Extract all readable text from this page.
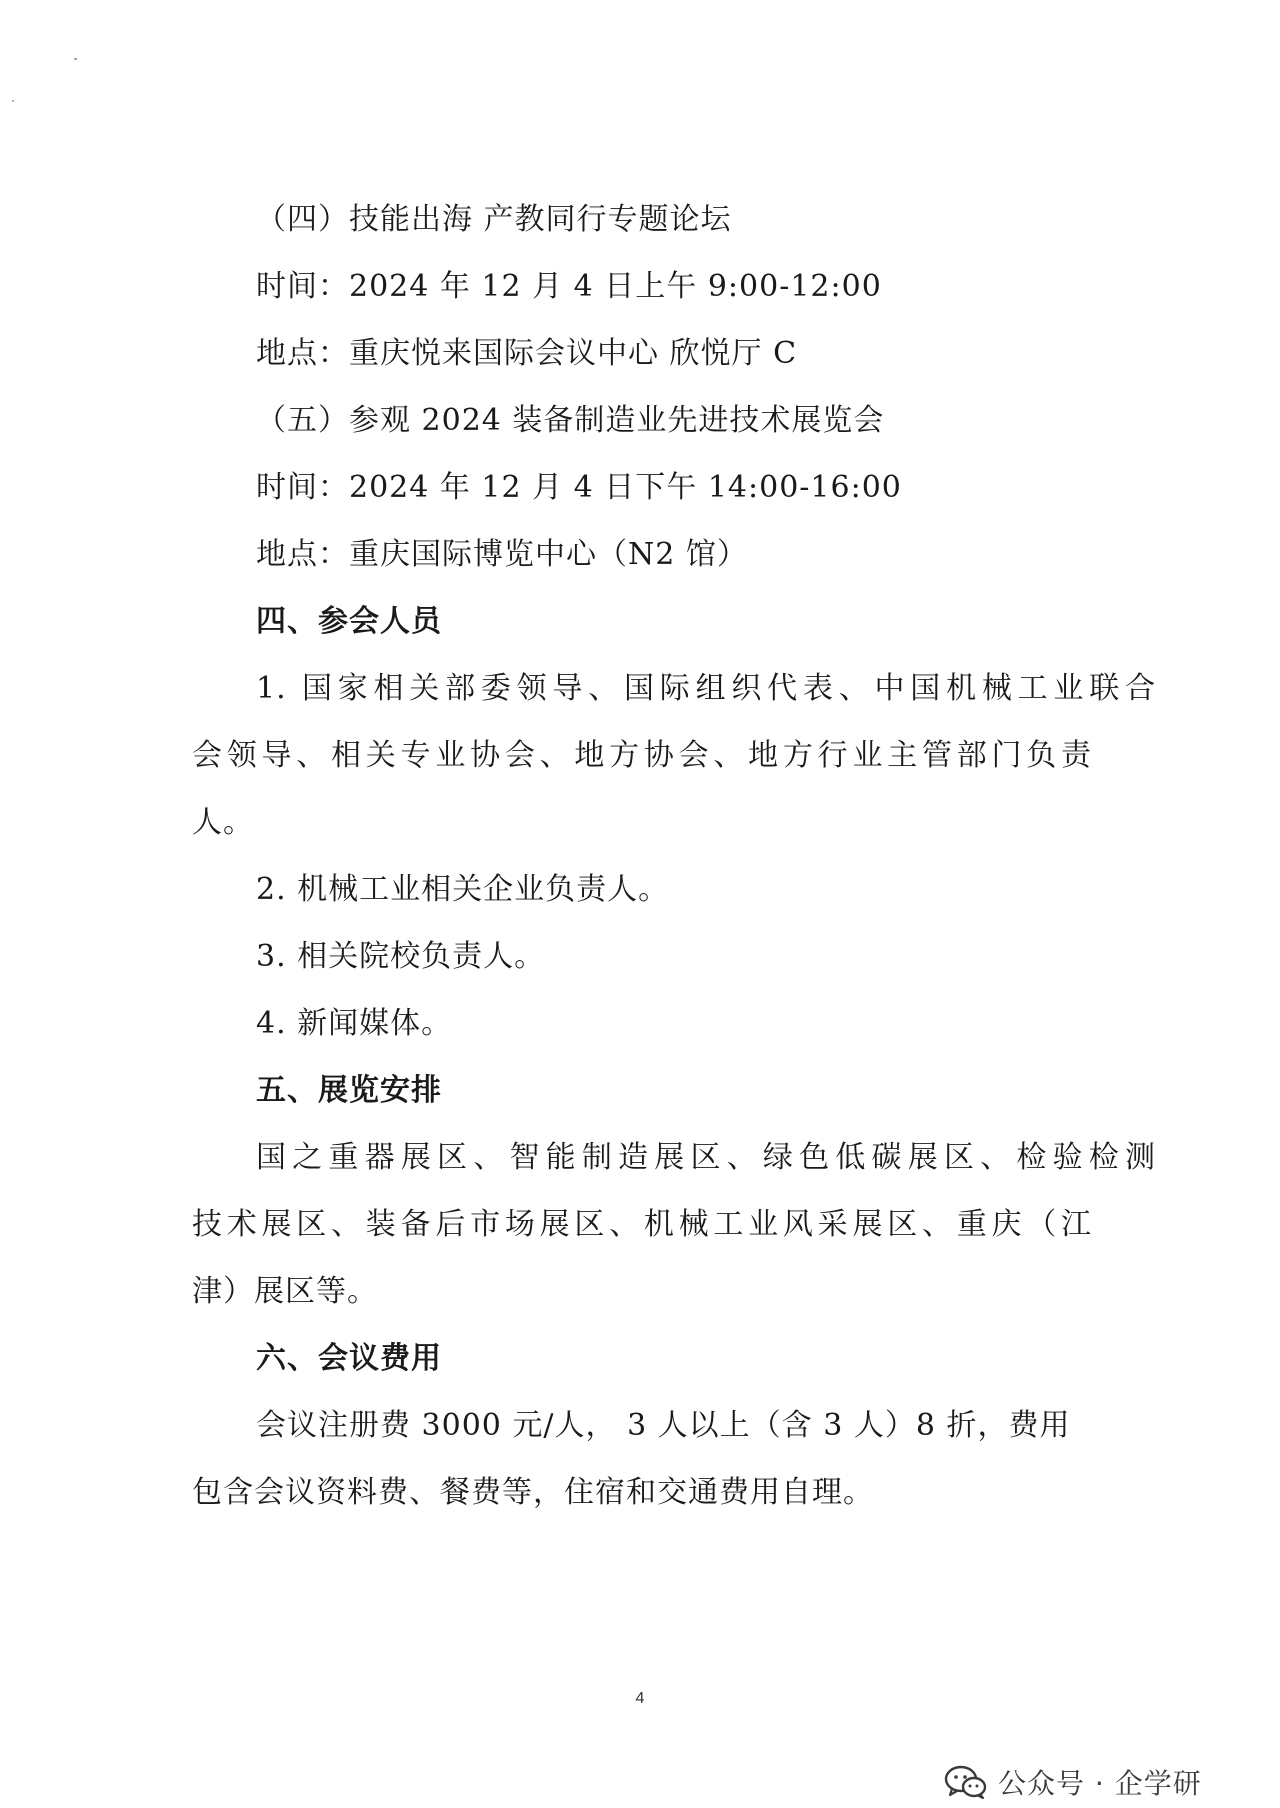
（四）技能出海 产教同行专题论坛
时间：2024 年 12 月 4 日上午 9:00-12:00
地点：重庆悦来国际会议中心 欣悦厅 C
（五）参观 2024 装备制造业先进技术展览会
时间：2024 年 12 月 4 日下午 14:00-16:00
地点：重庆国际博览中心（N2 馆）
四、参会人员
1. 国家相关部委领导、国际组织代表、中国机械工业联合
会领导、相关专业协会、地方协会、地方行业主管部门负责
人。
2. 机械工业相关企业负责人。
3. 相关院校负责人。
4. 新闻媒体。
五、展览安排
国之重器展区、智能制造展区、绿色低碳展区、检验检测
技术展区、装备后市场展区、机械工业风采展区、重庆（江
津）展区等。
六、会议费用
会议注册费 3000 元/人， 3 人以上（含 3 人）8 折，费用
包含会议资料费、餐费等，住宿和交通费用自理。
4
公众号 · 企学研
